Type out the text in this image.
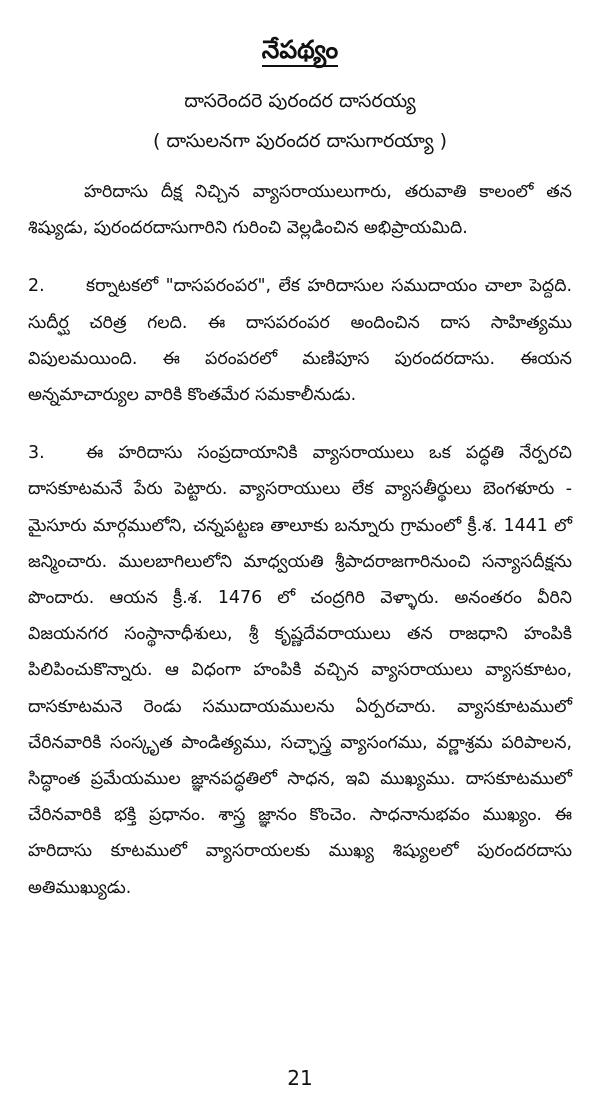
నేపథ్యం
దాసరెందరె పురందర దాసరయ్య
( దాసులనగా పురందర దాసుగారయ్యా )

హరిదాసు దీక్ష నిచ్చిన వ్యాసరాయులుగారు, తరువాతి కాలంలో తన శిష్యుడు, పురందరదాసుగారిని గురించి వెల్లడించిన అభిప్రాయమిది.

2. కర్నాటకలో "దాసపరంపర", లేక హరిదాసుల సముదాయం చాలా పెద్దది. సుదీర్ఘ చరిత్ర గలది. ఈ దాసపరంపర అందించిన దాస సాహిత్యము విపులమయింది. ఈ పరంపరలో మణిపూస పురందరదాసు. ఈయన అన్నమాచార్యుల వారికి కొంతమేర సమకాలీనుడు.

3. ఈ హరిదాసు సంప్రదాయానికి వ్యాసరాయులు ఒక పద్ధతి నేర్పరచి దాసకూటమనే పేరు పెట్టారు. వ్యాసరాయులు లేక వ్యాసతీర్థులు బెంగళూరు - మైసూరు మార్గములోని, చన్నపట్టణ తాలూకు బన్నూరు గ్రామంలో క్రీ.శ. 1441 లో జన్మించారు. ములబాగిలులోని మాధ్వయతి శ్రీపాదరాజగారినుంచి సన్యాసదీక్షను పొందారు. ఆయన క్రీ.శ. 1476 లో చంద్రగిరి వెళ్ళారు. అనంతరం వీరిని విజయనగర సంస్థానాధీశులు, శ్రీ కృష్ణదేవరాయులు తన రాజధాని హంపికి పిలిపించుకొన్నారు. ఆ విధంగా హంపికి వచ్చిన వ్యాసరాయులు వ్యాసకూటం, దాసకూటమనె రెండు సముదాయములను ఏర్పరచారు. వ్యాసకూటములో చేరినవారికి సంస్కృత పాండిత్యము, సచ్ఛాస్త్ర వ్యాసంగము, వర్ణాశ్రమ పరిపాలన, సిద్ధాంత ప్రమేయముల జ్ఞానపద్ధతిలో సాధన, ఇవి ముఖ్యము. దాసకూటములో చేరినవారికి భక్తి ప్రధానం. శాస్త్ర జ్ఞానం కొంచెం. సాధనానుభవం ముఖ్యం. ఈ హరిదాసు కూటములో వ్యాసరాయలకు ముఖ్య శిష్యులలో పురందరదాసు అతిముఖ్యుడు.

21
